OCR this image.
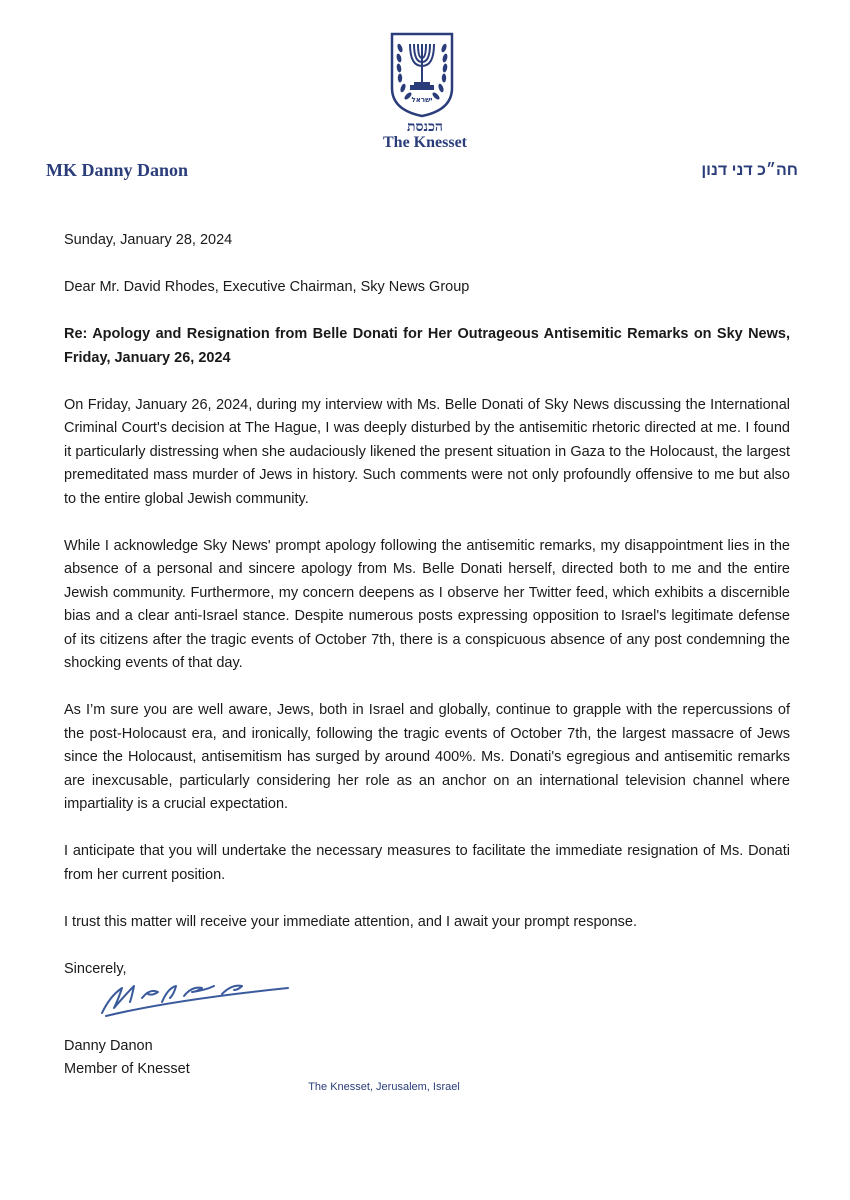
ישראל
הכנסת
The Knesset
MK Danny Danon	חה״כ דני דנון

Sunday, January 28, 2024

Dear Mr. David Rhodes, Executive Chairman, Sky News Group

Re: Apology and Resignation from Belle Donati for Her Outrageous Antisemitic Remarks on Sky News, Friday, January 26, 2024

On Friday, January 26, 2024, during my interview with Ms. Belle Donati of Sky News discussing the International Criminal Court's decision at The Hague, I was deeply disturbed by the antisemitic rhetoric directed at me. I found it particularly distressing when she audaciously likened the present situation in Gaza to the Holocaust, the largest premeditated mass murder of Jews in history. Such comments were not only profoundly offensive to me but also to the entire global Jewish community.

While I acknowledge Sky News' prompt apology following the antisemitic remarks, my disappointment lies in the absence of a personal and sincere apology from Ms. Belle Donati herself, directed both to me and the entire Jewish community. Furthermore, my concern deepens as I observe her Twitter feed, which exhibits a discernible bias and a clear anti-Israel stance. Despite numerous posts expressing opposition to Israel's legitimate defense of its citizens after the tragic events of October 7th, there is a conspicuous absence of any post condemning the shocking events of that day.

As I’m sure you are well aware, Jews, both in Israel and globally, continue to grapple with the repercussions of the post-Holocaust era, and ironically, following the tragic events of October 7th, the largest massacre of Jews since the Holocaust, antisemitism has surged by around 400%. Ms. Donati's egregious and antisemitic remarks are inexcusable, particularly considering her role as an anchor on an international television channel where impartiality is a crucial expectation.

I anticipate that you will undertake the necessary measures to facilitate the immediate resignation of Ms. Donati from her current position.

I trust this matter will receive your immediate attention, and I await your prompt response.

Sincerely,

Danny Danon
Member of Knesset
The Knesset, Jerusalem, Israel
